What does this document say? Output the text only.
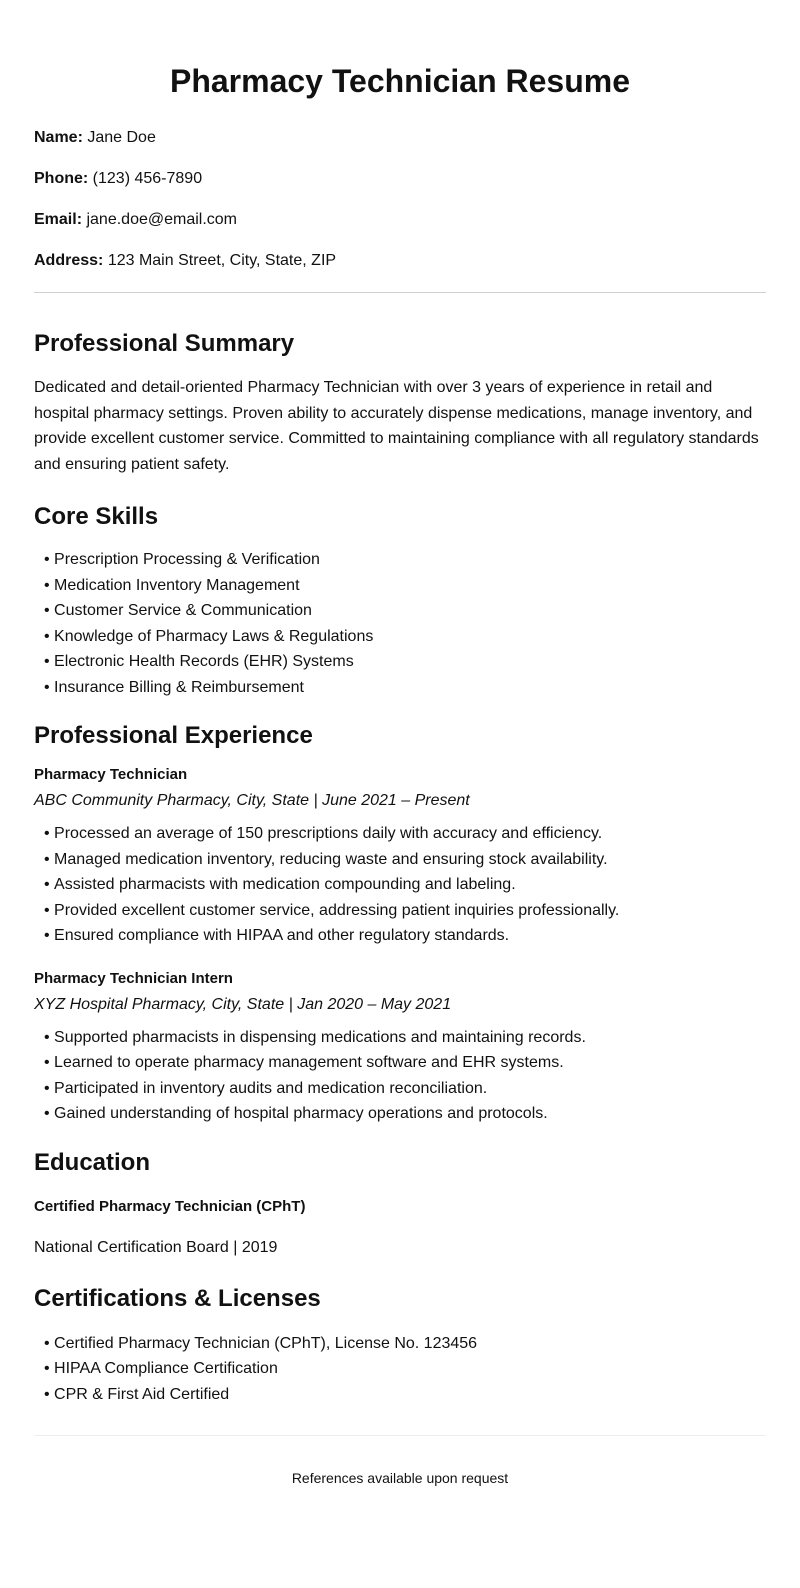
Pharmacy Technician Resume

Name: Jane Doe

Phone: (123) 456-7890

Email: jane.doe@email.com

Address: 123 Main Street, City, State, ZIP

Professional Summary

Dedicated and detail-oriented Pharmacy Technician with over 3 years of experience in retail and hospital pharmacy settings. Proven ability to accurately dispense medications, manage inventory, and provide excellent customer service. Committed to maintaining compliance with all regulatory standards and ensuring patient safety.

Core Skills
• Prescription Processing & Verification
• Medication Inventory Management
• Customer Service & Communication
• Knowledge of Pharmacy Laws & Regulations
• Electronic Health Records (EHR) Systems
• Insurance Billing & Reimbursement
Professional Experience

Pharmacy Technician

ABC Community Pharmacy, City, State | June 2021 – Present

• Processed an average of 150 prescriptions daily with accuracy and efficiency.
• Managed medication inventory, reducing waste and ensuring stock availability.
• Assisted pharmacists with medication compounding and labeling.
• Provided excellent customer service, addressing patient inquiries professionally.
• Ensured compliance with HIPAA and other regulatory standards.

Pharmacy Technician Intern

XYZ Hospital Pharmacy, City, State | Jan 2020 – May 2021

• Supported pharmacists in dispensing medications and maintaining records.
• Learned to operate pharmacy management software and EHR systems.
• Participated in inventory audits and medication reconciliation.
• Gained understanding of hospital pharmacy operations and protocols.
Education

Certified Pharmacy Technician (CPhT)

National Certification Board | 2019

Certifications & Licenses
• Certified Pharmacy Technician (CPhT), License No. 123456
• HIPAA Compliance Certification
• CPR & First Aid Certified

References available upon request
